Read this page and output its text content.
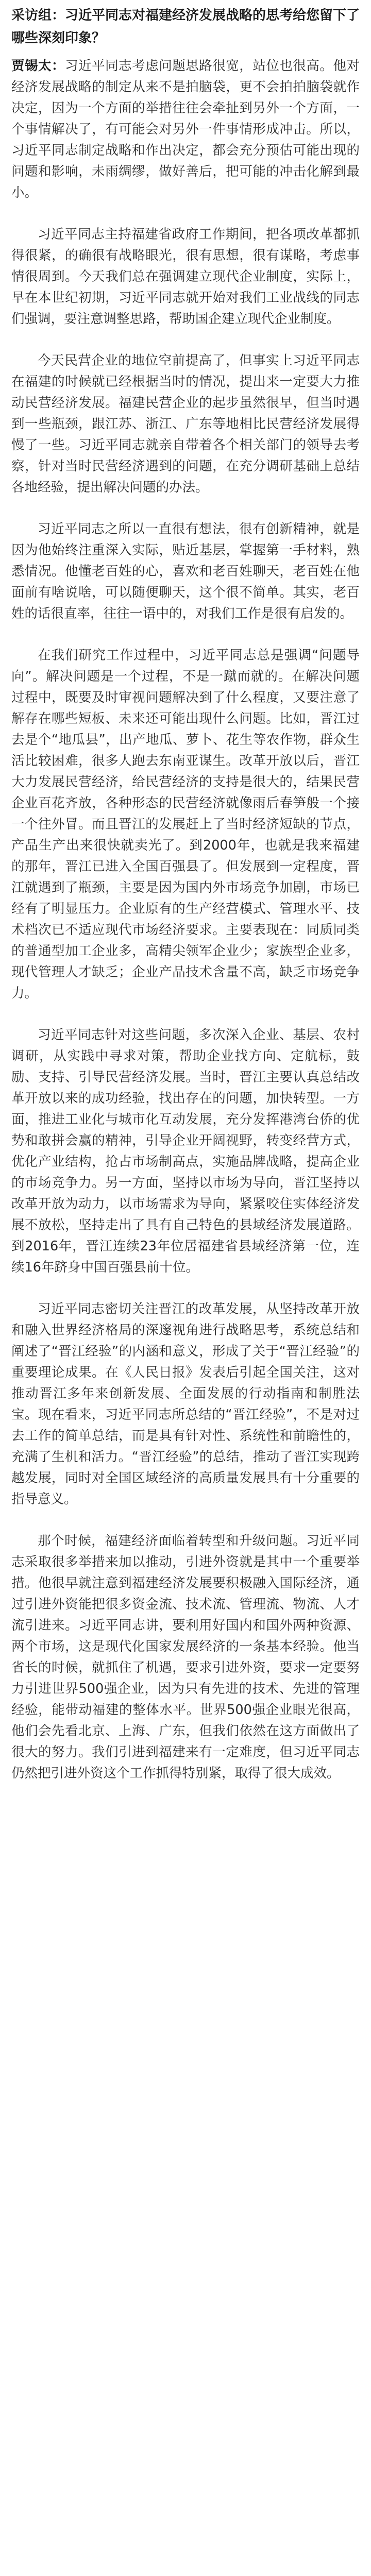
采访组：习近平同志对福建经济发展战略的思考给您留下了哪些深刻印象？

贾锡太：习近平同志考虑问题思路很宽，站位也很高。他对经济发展战略的制定从来不是拍脑袋，更不会拍拍脑袋就作决定，因为一个方面的举措往往会牵扯到另外一个方面，一个事情解决了，有可能会对另外一件事情形成冲击。所以，习近平同志制定战略和作出决定，都会充分预估可能出现的问题和影响，未雨绸缪，做好善后，把可能的冲击化解到最小。

习近平同志主持福建省政府工作期间，把各项改革都抓得很紧，的确很有战略眼光，很有思想，很有谋略，考虑事情很周到。今天我们总在强调建立现代企业制度，实际上，早在本世纪初期，习近平同志就开始对我们工业战线的同志们强调，要注意调整思路，帮助国企建立现代企业制度。

今天民营企业的地位空前提高了，但事实上习近平同志在福建的时候就已经根据当时的情况，提出来一定要大力推动民营经济发展。福建民营企业的起步虽然很早，但当时遇到一些瓶颈，跟江苏、浙江、广东等地相比民营经济发展得慢了一些。习近平同志就亲自带着各个相关部门的领导去考察，针对当时民营经济遇到的问题，在充分调研基础上总结各地经验，提出解决问题的办法。

习近平同志之所以一直很有想法，很有创新精神，就是因为他始终注重深入实际，贴近基层，掌握第一手材料，熟悉情况。他懂老百姓的心，喜欢和老百姓聊天，老百姓在他面前有啥说啥，可以随便聊天，这个很不简单。其实，老百姓的话很直率，往往一语中的，对我们工作是很有启发的。

在我们研究工作过程中，习近平同志总是强调“问题导向”。解决问题是一个过程，不是一蹴而就的。在解决问题过程中，既要及时审视问题解决到了什么程度，又要注意了解存在哪些短板、未来还可能出现什么问题。比如，晋江过去是个“地瓜县”，出产地瓜、萝卜、花生等农作物，群众生活比较困难，很多人跑去东南亚谋生。改革开放以后，晋江大力发展民营经济，给民营经济的支持是很大的，结果民营企业百花齐放，各种形态的民营经济就像雨后春笋般一个接一个往外冒。而且晋江的发展赶上了当时经济短缺的节点，产品生产出来很快就卖光了。到2000年，也就是我来福建的那年，晋江已进入全国百强县了。但发展到一定程度，晋江就遇到了瓶颈，主要是因为国内外市场竞争加剧，市场已经有了明显压力。企业原有的生产经营模式、管理水平、技术档次已不适应现代市场经济要求。主要表现在：同质同类的普通型加工企业多，高精尖领军企业少；家族型企业多，现代管理人才缺乏；企业产品技术含量不高，缺乏市场竞争力。

习近平同志针对这些问题，多次深入企业、基层、农村调研，从实践中寻求对策，帮助企业找方向、定航标，鼓励、支持、引导民营经济发展。当时，晋江主要认真总结改革开放以来的成功经验，找出存在的问题，加快转型。一方面，推进工业化与城市化互动发展，充分发挥港湾台侨的优势和敢拼会赢的精神，引导企业开阔视野，转变经营方式，优化产业结构，抢占市场制高点，实施品牌战略，提高企业的市场竞争力。另一方面，坚持以市场为导向，晋江坚持以改革开放为动力，以市场需求为导向，紧紧咬住实体经济发展不放松，坚持走出了具有自己特色的县域经济发展道路。到2016年，晋江连续23年位居福建省县域经济第一位，连续16年跻身中国百强县前十位。

习近平同志密切关注晋江的改革发展，从坚持改革开放和融入世界经济格局的深邃视角进行战略思考，系统总结和阐述了“晋江经验”的内涵和意义，形成了关于“晋江经验”的重要理论成果。在《人民日报》发表后引起全国关注，这对推动晋江多年来创新发展、全面发展的行动指南和制胜法宝。现在看来，习近平同志所总结的“晋江经验”，不是对过去工作的简单总结，而是具有针对性、系统性和前瞻性的，充满了生机和活力。“晋江经验”的总结，推动了晋江实现跨越发展，同时对全国区域经济的高质量发展具有十分重要的指导意义。

那个时候，福建经济面临着转型和升级问题。习近平同志采取很多举措来加以推动，引进外资就是其中一个重要举措。他很早就注意到福建经济发展要积极融入国际经济，通过引进外资能把很多资金流、技术流、管理流、物流、人才流引进来。习近平同志讲，要利用好国内和国外两种资源、两个市场，这是现代化国家发展经济的一条基本经验。他当省长的时候，就抓住了机遇，要求引进外资，要求一定要努力引进世界500强企业，因为只有先进的技术、先进的管理经验，能带动福建的整体水平。世界500强企业眼光很高，他们会先看北京、上海、广东，但我们依然在这方面做出了很大的努力。我们引进到福建来有一定难度，但习近平同志仍然把引进外资这个工作抓得特别紧，取得了很大成效。
